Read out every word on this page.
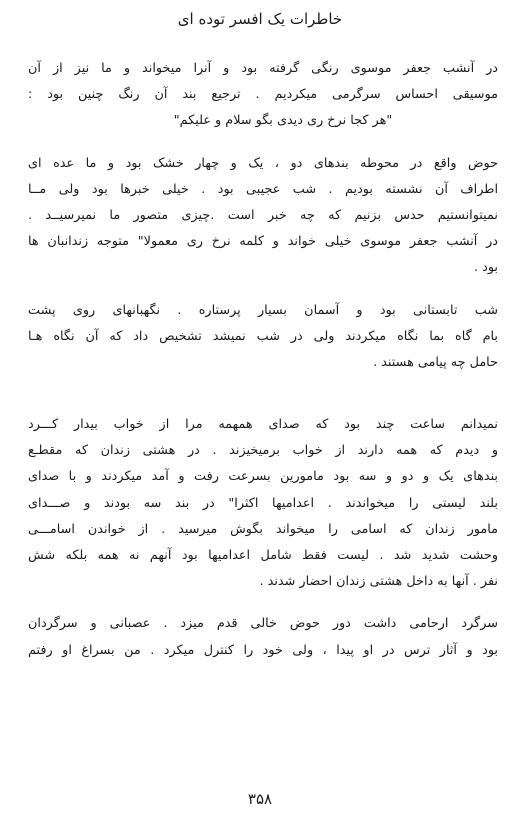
خاطرات یک افسر توده ای
در آنشب جعفر موسوی رنگی گرفته بود و آنرا میخواند و ما نیز از آن
موسیقی احساس سرگرمی میکردیم . ترجیع بند آن رنگ چنین بود :
"هر کجا نرخ ری دیدی بگو سلام و علیکم"
حوض واقع در محوطه بندهای دو ، یک و چهار خشک بود و ما عده ای
اطراف آن نشسته بودیم . شب عجیبی بود . خیلی خبرها بود ولی مــا
نمیتوانستیم حدس بزنیم که چه خبر است .چیزی متصور ما نمیرسیــد .
در آنشب جعفر موسوی خیلی خواند و کلمه نرخ ری معمولا" متوجه زندانبان ها
بود .
شب تابستانی بود و آسمان بسیار پرستاره . نگهبانهای روی پشت
بام گاه بما نگاه میکردند ولی در شب نمیشد تشخیص داد که آن نگاه هـا
حامل چه پیامی هستند .
نمیدانم ساعت چند بود که صدای همهمه مرا از خواب بیدار کـــرد
و دیدم که همه دارند از خواب برمیخیزند . در هشتی زندان که مقطـع
بندهای یک و دو و سه بود مامورین بسرعت رفت و آمد میکردند و با صدای
بلند لیستی را میخواندند . اعدامیها اکثرا" در بند سه بودند و صـــدای
مامور زندان که اسامی را میخواند بگوش میرسید . از خواندن اسامـــی
وحشت شدید شد . لیست فقط شامل اعدامیها بود آنهم نه همه بلکه شش
نفر . آنها به داخل هشتی زندان احضار شدند .
سرگرد ارحامی داشت دور حوض خالی قدم میزد . عصبانی و سرگردان
بود و آثار ترس در او پیدا ، ولی خود را کنترل میکرد . من بسراغ او رفتم
۳۵۸
